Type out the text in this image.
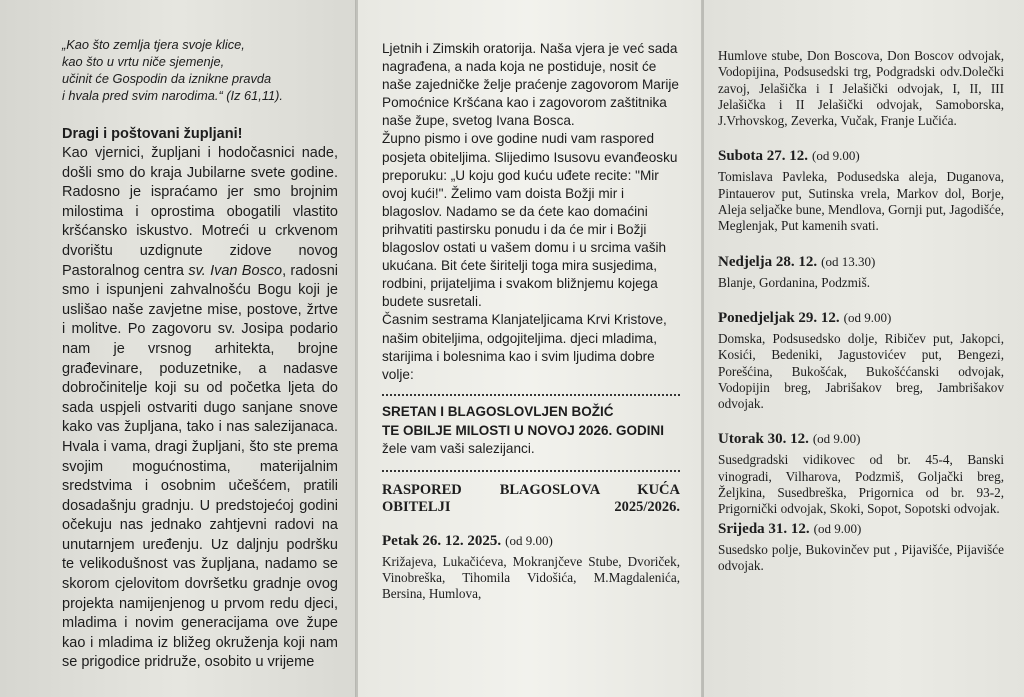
„Kao što zemlja tjera svoje klice,
kao što u vrtu niče sjemenje,
učinit će Gospodin da iznikne pravda
i hvala pred svim narodima.“ (Iz 61,11).

Dragi i poštovani župljani!

Kao vjernici, župljani i hodočasnici nade, došli smo do kraja Jubilarne svete godine. Radosno je ispraćamo jer smo brojnim milostima i oprostima obogatili vlastito kršćansko iskustvo. Motreći u crkvenom dvorištu uzdignute zidove novog Pastoralnog centra sv. Ivan Bosco, radosni smo i ispunjeni zahvalnošću Bogu koji je uslišao naše zavjetne mise, postove, žrtve i molitve. Po zagovoru sv. Josipa podario nam je vrsnog arhitekta, brojne građevinare, poduzetnike, a nadasve dobročinitelje koji su od početka ljeta do sada uspjeli ostvariti dugo sanjane snove kako vas župljana, tako i nas salezijanaca. Hvala i vama, dragi župljani, što ste prema svojim mogućnostima, materijalnim sredstvima i osobnim učešćem, pratili dosadašnju gradnju. U predstojećoj godini očekuju nas jednako zahtjevni radovi na unutarnjem uređenju. Uz daljnju podršku te velikodušnost vas župljana, nadamo se skorom cjelovitom dovršetku gradnje ovog projekta namijenjenog u prvom redu djeci, mladima i novim generacijama ove župe kao i mladima iz bližeg okruženja koji nam se prigodice pridruže, osobito u vrijeme

Ljetnih i Zimskih oratorija. Naša vjera je već sada nagrađena, a nada koja ne postiduje, nosit će naše zajedničke želje praćenje zagovorom Marije Pomoćnice Kršćana kao i zagovorom zaštitnika naše župe, svetog Ivana Bosca.

Župno pismo i ove godine nudi vam raspored posjeta obiteljima. Slijedimo Isusovu evanđeosku preporuku: „U koju god kuću uđete recite: "Mir ovoj kući!". Želimo vam doista Božji mir i blagoslov. Nadamo se da ćete kao domaćini prihvatiti pastirsku ponudu i da će mir i Božji blagoslov ostati u vašem domu i u srcima vaših ukućana. Bit ćete širitelji toga mira susjedima, rodbini, prijateljima i svakom bližnjemu kojega budete susretali.

Časnim sestrama Klanjateljicama Krvi Kristove, našim obiteljima, odgojiteljima. djeci mladima, starijima i bolesnima kao i svim ljudima dobre volje:

SRETAN I BLAGOSLOVLJEN BOŽIĆ

TE OBILJE MILOSTI U NOVOJ 2026. GODINI

žele vam vaši salezijanci.

RASPORED BLAGOSLOVA KUĆA OBITELJI 2025/2026.

Petak 26. 12. 2025. (od 9.00)

Križajeva, Lukačićeva, Mokranjčeve Stube, Dvoriček, Vinobreška, Tihomila Vidošića, M.Magdalenića, Bersina, Humlova,

Humlove stube, Don Boscova, Don Boscov odvojak, Vodopijina, Podsusedski trg, Podgradski odv.Dolečki zavoj, Jelašička i I Jelašički odvojak, I, II, III Jelašička i II Jelašički odvojak, Samoborska, J.Vrhovskog, Zeverka, Vučak, Franje Lučića.

Subota 27. 12. (od 9.00)

Tomislava Pavleka, Podusedska aleja, Duganova, Pintauerov put, Sutinska vrela, Markov dol, Borje, Aleja seljačke bune, Mendlova, Gornji put, Jagodišće, Meglenjak, Put kamenih svati.

Nedjelja 28. 12. (od 13.30)

Blanje, Gordanina, Podzmiš.

Ponedjeljak 29. 12. (od 9.00)

Domska, Podsusedsko dolje, Ribičev put, Jakopci, Kosići, Bedeniki, Jagustovićev put, Bengezi, Porešćina, Bukošćak, Bukošććanski odvojak, Vodopijin breg, Jabrišakov breg, Jambrišakov odvojak.

Utorak 30. 12. (od 9.00)

Susedgradski vidikovec od br. 45-4, Banski vinogradi, Vilharova, Podzmiš, Goljački breg, Željkina, Susedbreška, Prigornica od br. 93-2, Prigornički odvojak, Skoki, Sopot, Sopotski odvojak.

Srijeda 31. 12. (od 9.00)

Susedsko polje, Bukovinčev put , Pijavišće, Pijavišće odvojak.
